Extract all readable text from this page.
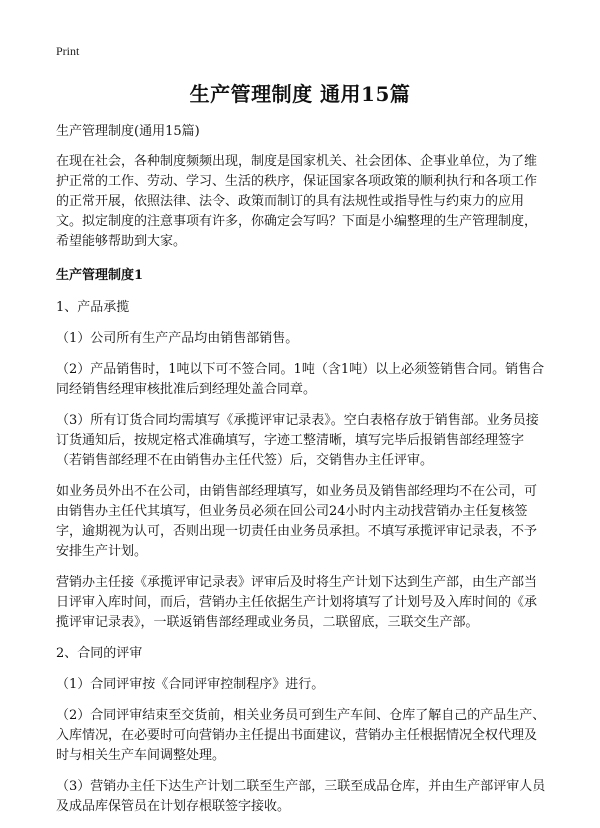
Print
生产管理制度 通用15篇

生产管理制度(通用15篇)

在现在社会，各种制度频频出现，制度是国家机关、社会团体、企事业单位，为了维护正常的工作、劳动、学习、生活的秩序，保证国家各项政策的顺利执行和各项工作的正常开展，依照法律、法令、政策而制订的具有法规性或指导性与约束力的应用文。拟定制度的注意事项有许多，你确定会写吗？下面是小编整理的生产管理制度，希望能够帮助到大家。

生产管理制度1

1、产品承揽

（1）公司所有生产产品均由销售部销售。

（2）产品销售时，1吨以下可不签合同。1吨（含1吨）以上必须签销售合同。销售合同经销售经理审核批准后到经理处盖合同章。

（3）所有订货合同均需填写《承揽评审记录表》。空白表格存放于销售部。业务员接订货通知后，按规定格式准确填写，字迹工整清晰，填写完毕后报销售部经理签字（若销售部经理不在由销售办主任代签）后，交销售办主任评审。

如业务员外出不在公司，由销售部经理填写，如业务员及销售部经理均不在公司，可由销售办主任代其填写，但业务员必须在回公司24小时内主动找营销办主任复核签字，逾期视为认可，否则出现一切责任由业务员承担。不填写承揽评审记录表，不予安排生产计划。

营销办主任接《承揽评审记录表》评审后及时将生产计划下达到生产部，由生产部当日评审入库时间，而后，营销办主任依据生产计划将填写了计划号及入库时间的《承揽评审记录表》，一联返销售部经理或业务员，二联留底，三联交生产部。

2、合同的评审

（1）合同评审按《合同评审控制程序》进行。

（2）合同评审结束至交货前，相关业务员可到生产车间、仓库了解自己的产品生产、入库情况，在必要时可向营销办主任提出书面建议，营销办主任根据情况全权代理及时与相关生产车间调整处理。

（3）营销办主任下达生产计划二联至生产部，三联至成品仓库，并由生产部评审人员及成品库保管员在计划存根联签字接收。
